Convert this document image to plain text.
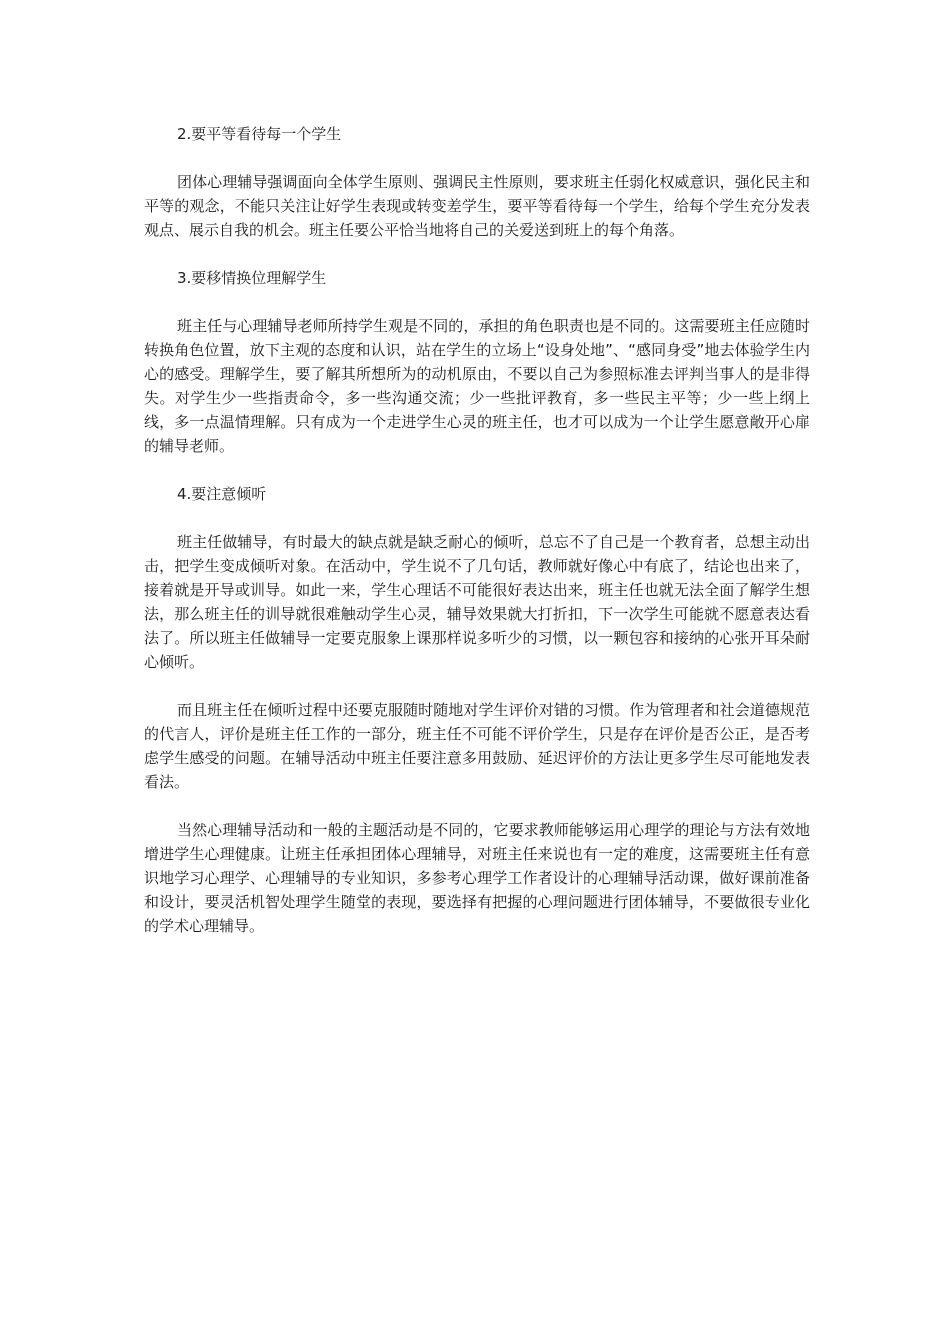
2.要平等看待每一个学生

团体心理辅导强调面向全体学生原则、强调民主性原则，要求班主任弱化权威意识，强化民主和平等的观念，不能只关注让好学生表现或转变差学生，要平等看待每一个学生，给每个学生充分发表观点、展示自我的机会。班主任要公平恰当地将自己的关爱送到班上的每个角落。

3.要移情换位理解学生

班主任与心理辅导老师所持学生观是不同的，承担的角色职责也是不同的。这需要班主任应随时转换角色位置，放下主观的态度和认识，站在学生的立场上“设身处地”、“感同身受”地去体验学生内心的感受。理解学生，要了解其所想所为的动机原由，不要以自己为参照标准去评判当事人的是非得失。对学生少一些指责命令，多一些沟通交流；少一些批评教育，多一些民主平等；少一些上纲上线，多一点温情理解。只有成为一个走进学生心灵的班主任，也才可以成为一个让学生愿意敞开心扉的辅导老师。

4.要注意倾听

班主任做辅导，有时最大的缺点就是缺乏耐心的倾听，总忘不了自己是一个教育者，总想主动出击，把学生变成倾听对象。在活动中，学生说不了几句话，教师就好像心中有底了，结论也出来了，接着就是开导或训导。如此一来，学生心理话不可能很好表达出来，班主任也就无法全面了解学生想法，那么班主任的训导就很难触动学生心灵，辅导效果就大打折扣，下一次学生可能就不愿意表达看法了。所以班主任做辅导一定要克服象上课那样说多听少的习惯，以一颗包容和接纳的心张开耳朵耐心倾听。

而且班主任在倾听过程中还要克服随时随地对学生评价对错的习惯。作为管理者和社会道德规范的代言人，评价是班主任工作的一部分，班主任不可能不评价学生，只是存在评价是否公正，是否考虑学生感受的问题。在辅导活动中班主任要注意多用鼓励、延迟评价的方法让更多学生尽可能地发表看法。

当然心理辅导活动和一般的主题活动是不同的，它要求教师能够运用心理学的理论与方法有效地增进学生心理健康。让班主任承担团体心理辅导，对班主任来说也有一定的难度，这需要班主任有意识地学习心理学、心理辅导的专业知识，多参考心理学工作者设计的心理辅导活动课，做好课前准备和设计，要灵活机智处理学生随堂的表现，要选择有把握的心理问题进行团体辅导，不要做很专业化的学术心理辅导。
